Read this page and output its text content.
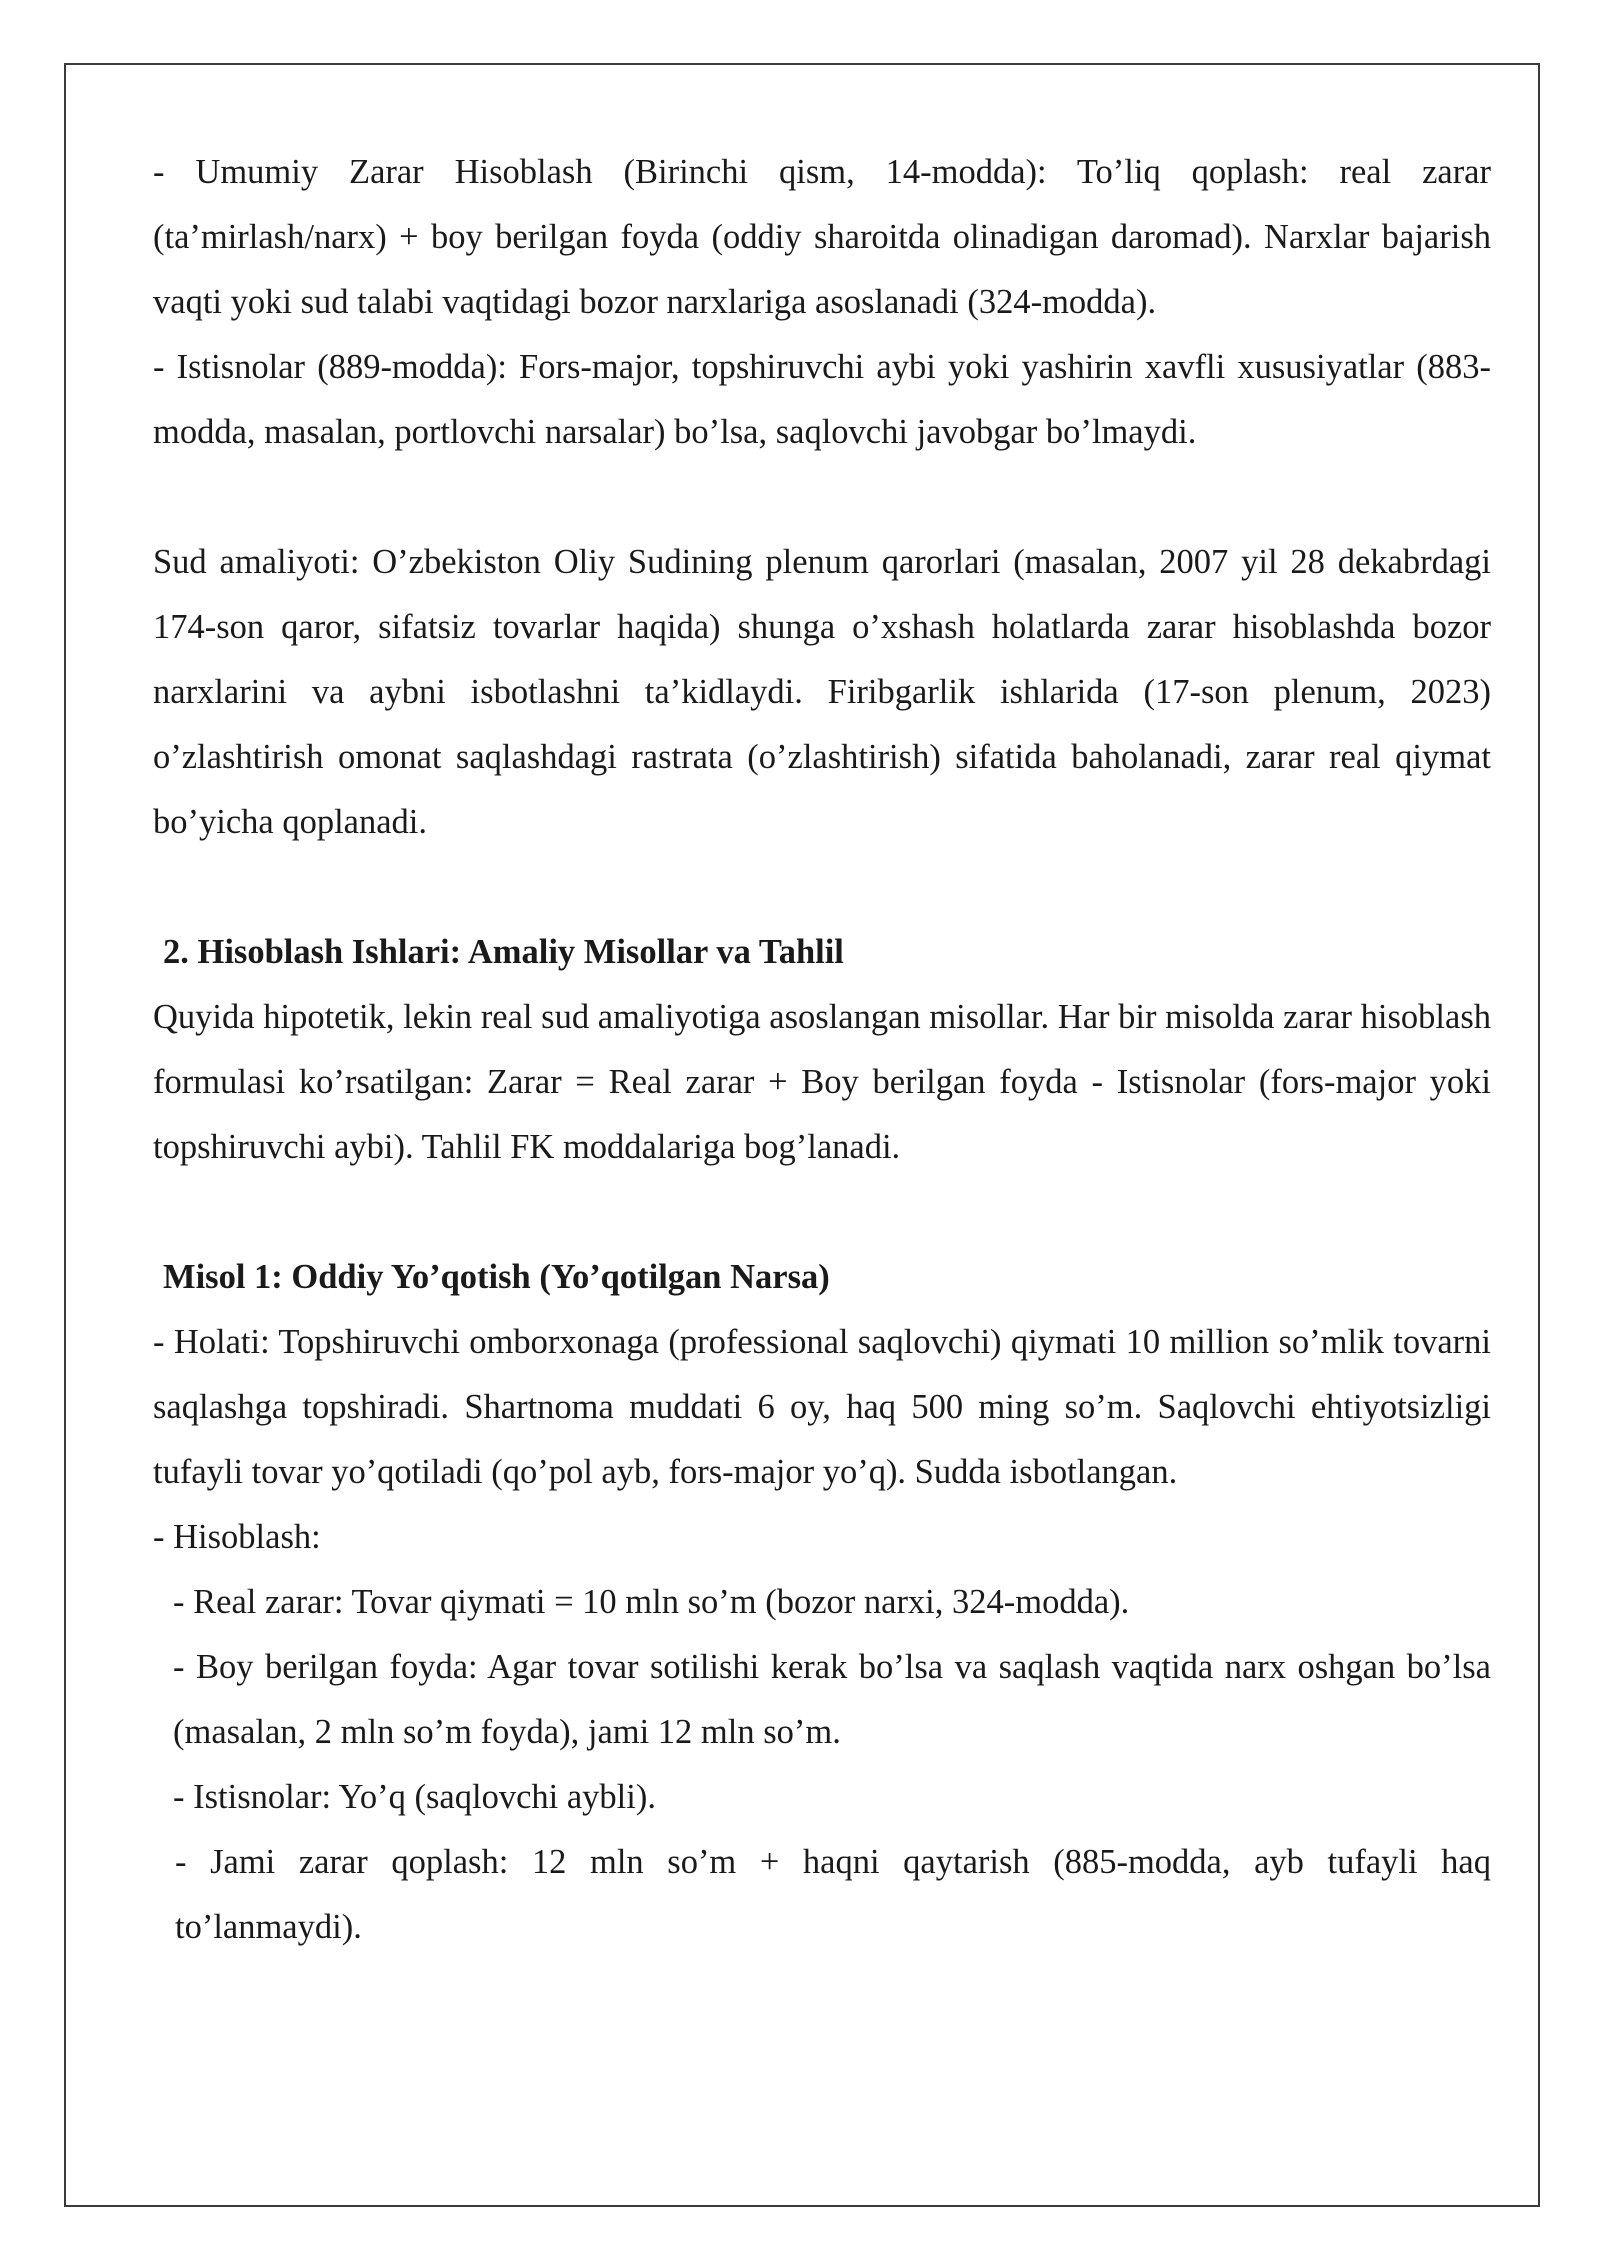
- Umumiy Zarar Hisoblash (Birinchi qism, 14-modda): To’liq qoplash: real zarar (ta’mirlash/narx) + boy berilgan foyda (oddiy sharoitda olinadigan daromad). Narxlar bajarish vaqti yoki sud talabi vaqtidagi bozor narxlariga asoslanadi (324-modda).

- Istisnolar (889-modda): Fors-major, topshiruvchi aybi yoki yashirin xavfli xususiyatlar (883-modda, masalan, portlovchi narsalar) bo’lsa, saqlovchi javobgar bo’lmaydi.

Sud amaliyoti: O’zbekiston Oliy Sudining plenum qarorlari (masalan, 2007 yil 28 dekabrdagi 174-son qaror, sifatsiz tovarlar haqida) shunga o’xshash holatlarda zarar hisoblashda bozor narxlarini va aybni isbotlashni ta’kidlaydi. Firibgarlik ishlarida (17-son plenum, 2023) o’zlashtirish omonat saqlashdagi rastrata (o’zlashtirish) sifatida baholanadi, zarar real qiymat bo’yicha qoplanadi.

2. Hisoblash Ishlari: Amaliy Misollar va Tahlil

Quyida hipotetik, lekin real sud amaliyotiga asoslangan misollar. Har bir misolda zarar hisoblash formulasi ko’rsatilgan: Zarar = Real zarar + Boy berilgan foyda - Istisnolar (fors-major yoki topshiruvchi aybi). Tahlil FK moddalariga bog’lanadi.

Misol 1: Oddiy Yo’qotish (Yo’qotilgan Narsa)

- Holati: Topshiruvchi omborxonaga (professional saqlovchi) qiymati 10 million so’mlik tovarni saqlashga topshiradi. Shartnoma muddati 6 oy, haq 500 ming so’m. Saqlovchi ehtiyotsizligi tufayli tovar yo’qotiladi (qo’pol ayb, fors-major yo’q). Sudda isbotlangan.

- Hisoblash:

- Real zarar: Tovar qiymati = 10 mln so’m (bozor narxi, 324-modda).

- Boy berilgan foyda: Agar tovar sotilishi kerak bo’lsa va saqlash vaqtida narx oshgan bo’lsa (masalan, 2 mln so’m foyda), jami 12 mln so’m.

- Istisnolar: Yo’q (saqlovchi aybli).

- Jami zarar qoplash: 12 mln so’m + haqni qaytarish (885-modda, ayb tufayli haq to’lanmaydi).
